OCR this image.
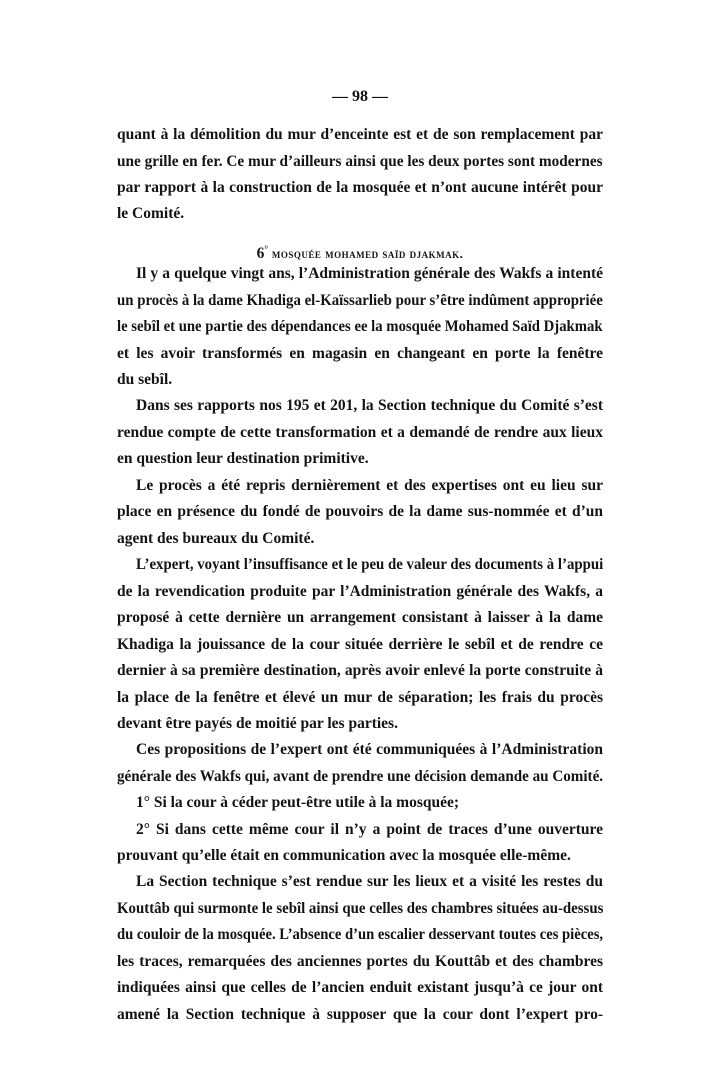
— 98 —
quant à la démolition du mur d’enceinte est et de son remplacement par
une grille en fer. Ce mur d’ailleurs ainsi que les deux portes sont modernes
par rapport à la construction de la mosquée et n’ont aucune intérêt pour
le Comité.
6° mosquée mohamed saïd djakmak.
Il y a quelque vingt ans, l’Administration générale des Wakfs a intenté
un procès à la dame Khadiga el-Kaïssarlieb pour s’être indûment appropriée
le sebîl et une partie des dépendances ee la mosquée Mohamed Saïd Djakmak
et les avoir transformés en magasin en changeant en porte la fenêtre
du sebîl.
Dans ses rapports nos 195 et 201, la Section technique du Comité s’est
rendue compte de cette transformation et a demandé de rendre aux lieux
en question leur destination primitive.
Le procès a été repris dernièrement et des expertises ont eu lieu sur
place en présence du fondé de pouvoirs de la dame sus-nommée et d’un
agent des bureaux du Comité.
L’expert, voyant l’insuffisance et le peu de valeur des documents à l’appui
de la revendication produite par l’Administration générale des Wakfs, a
proposé à cette dernière un arrangement consistant à laisser à la dame
Khadiga la jouissance de la cour située derrière le sebîl et de rendre ce
dernier à sa première destination, après avoir enlevé la porte construite à
la place de la fenêtre et élevé un mur de séparation; les frais du procès
devant être payés de moitié par les parties.
Ces propositions de l’expert ont été communiquées à l’Administration
générale des Wakfs qui, avant de prendre une décision demande au Comité.
1° Si la cour à céder peut-être utile à la mosquée;
2° Si dans cette même cour il n’y a point de traces d’une ouverture
prouvant qu’elle était en communication avec la mosquée elle-même.
La Section technique s’est rendue sur les lieux et a visité les restes du
Kouttâb qui surmonte le sebîl ainsi que celles des chambres situées au-dessus
du couloir de la mosquée. L’absence d’un escalier desservant toutes ces pièces,
les traces, remarquées des anciennes portes du Kouttâb et des chambres
indiquées ainsi que celles de l’ancien enduit existant jusqu’à ce jour ont
amené la Section technique à supposer que la cour dont l’expert pro-
